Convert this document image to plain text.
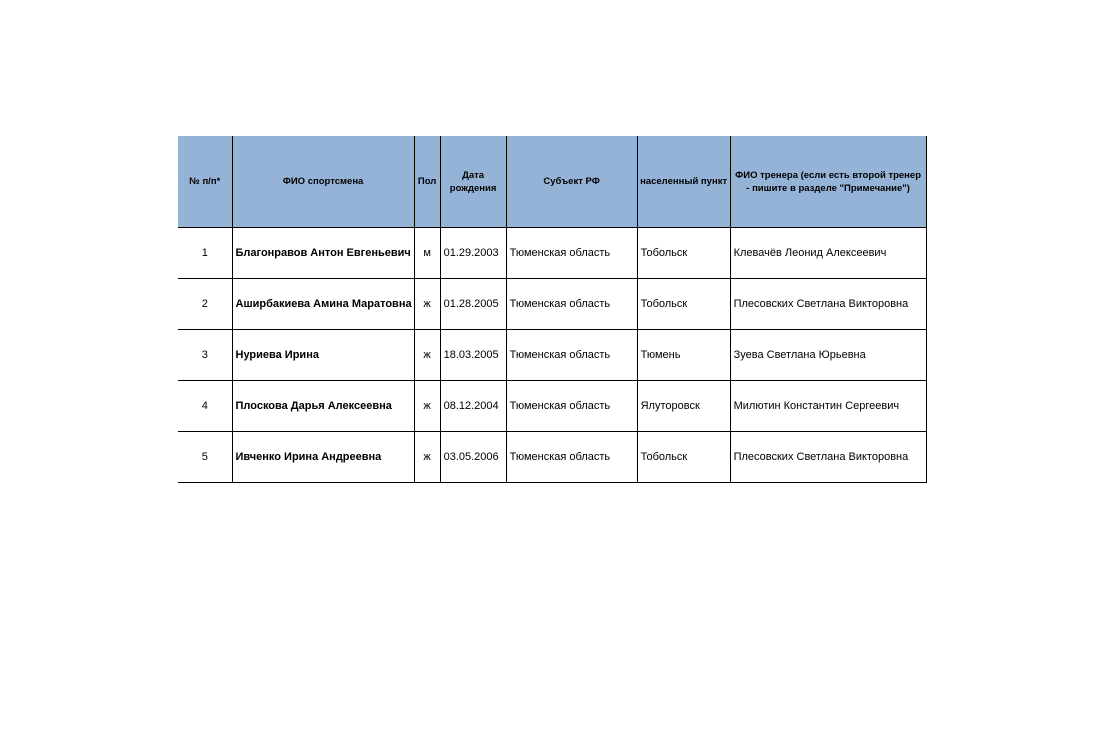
№ п/п*	ФИО спортсмена	Пол	Дата рождения	Субъект РФ	населенный пункт	ФИО тренера (если есть второй тренер - пишите в разделе "Примечание")
1	Благонравов Антон Евгеньевич	м	01.29.2003	Тюменская область	Тобольск	Клевачёв Леонид Алексеевич
2	Аширбакиева Амина Маратовна	ж	01.28.2005	Тюменская область	Тобольск	Плесовских Светлана Викторовна
3	Нуриева Ирина	ж	18.03.2005	Тюменская область	Тюмень	Зуева Светлана Юрьевна
4	Плоскова Дарья Алексеевна	ж	08.12.2004	Тюменская область	Ялуторовск	Милютин Константин Сергеевич
5	Ивченко Ирина Андреевна	ж	03.05.2006	Тюменская область	Тобольск	Плесовских Светлана Викторовна
